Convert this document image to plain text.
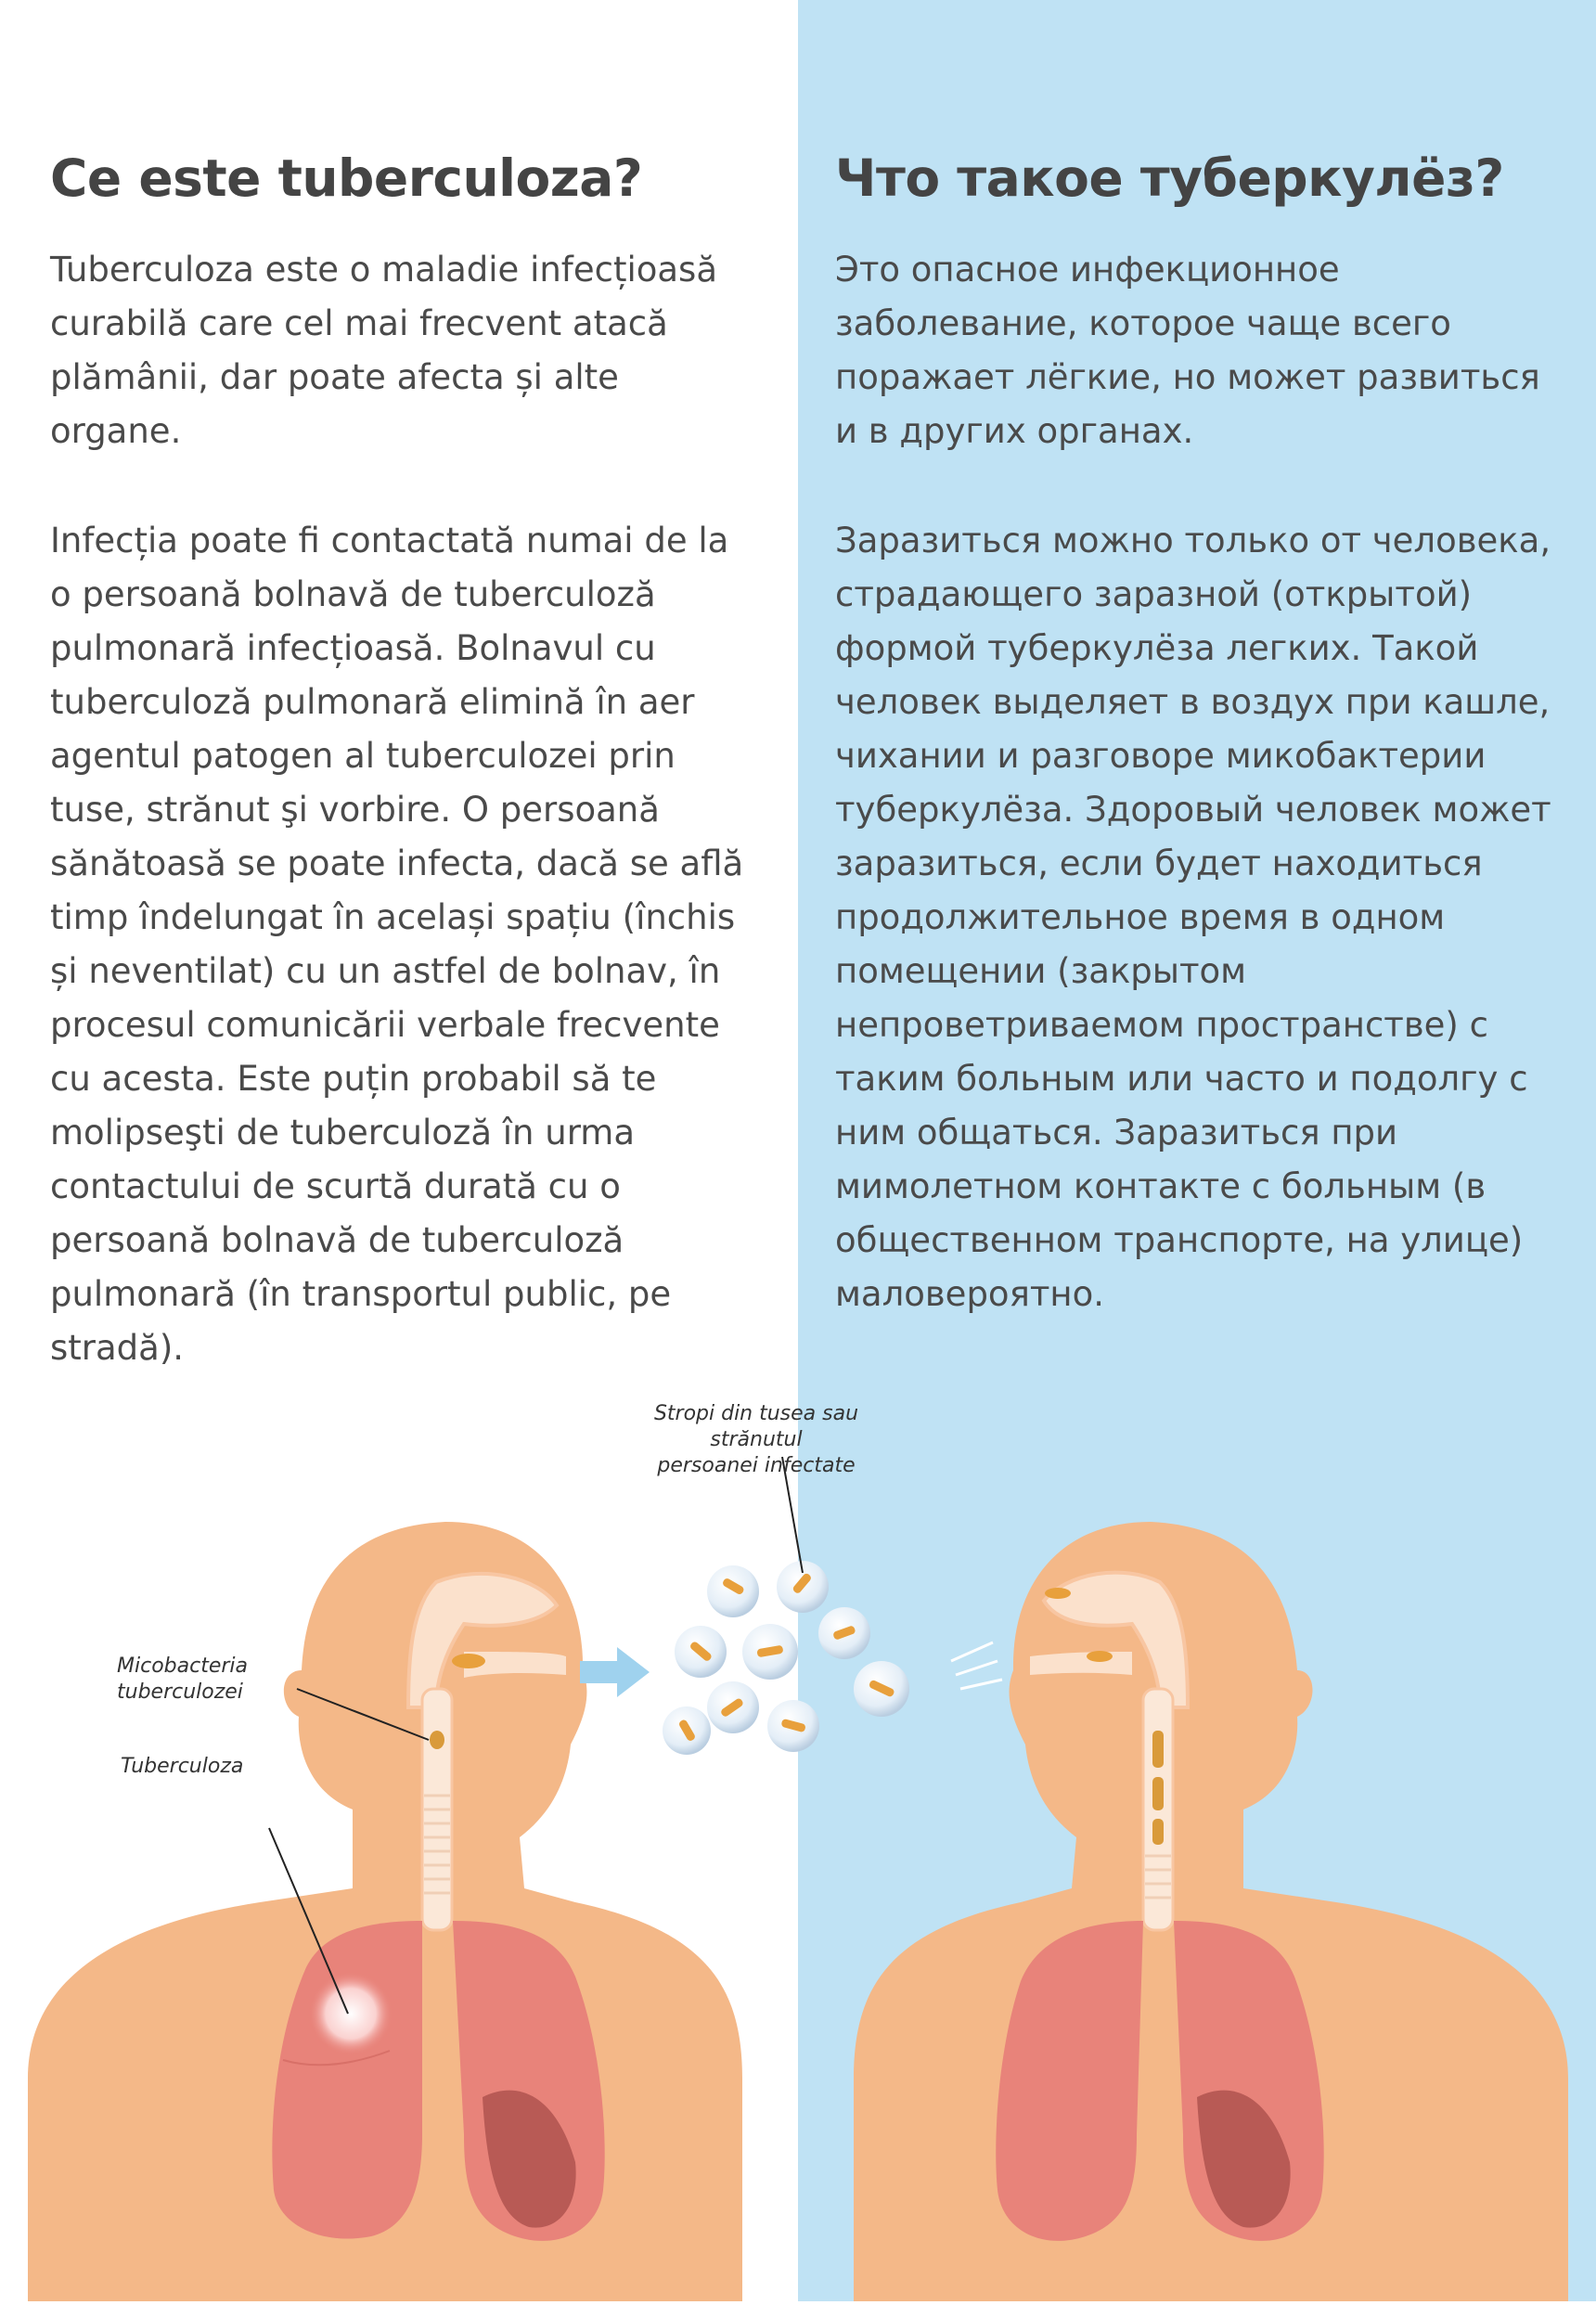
Ce este tuberculoza?

Tuberculoza este o maladie infecțioasă curabilă care cel mai frecvent atacă plămânii, dar poate afecta și alte organe.

Infecția poate fi contactată numai de la o persoană bolnavă de tuberculoză pulmonară infecțioasă. Bolnavul cu tuberculoză pulmonară elimină în aer agentul patogen al tuberculozei prin tuse, strănut şi vorbire. O persoană sănătoasă se poate infecta, dacă se află timp îndelungat în același spațiu (închis și neventilat) cu un astfel de bolnav, în procesul comunicării verbale frecvente cu acesta. Este puțin probabil să te molipseşti de tuberculoză în urma contactului de scurtă durată cu o persoană bolnavă de tuberculoză pulmonară (în transportul public, pe stradă).

Что такое туберкулёз?

Это опасное инфекционное заболевание, которое чаще всего поражает лёгкие, но может развиться и в других органах.

Заразиться можно только от человека, страдающего заразной (открытой) формой туберкулёза легких. Такой человек выделяет в воздух при кашле, чихании и разговоре микобактерии туберкулёза. Здоровый человек может заразиться, если будет находиться продолжительное время в одном помещении (закрытом непроветриваемом пространстве) с таким больным или часто и подолгу с ним общаться. Заразиться при мимолетном контакте с больным (в общественном транспорте, на улице) маловероятно.

Stropi din tusea sau strănutul
persoanei infectate
Micobacteria
tuberculozei
Tuberculoza
